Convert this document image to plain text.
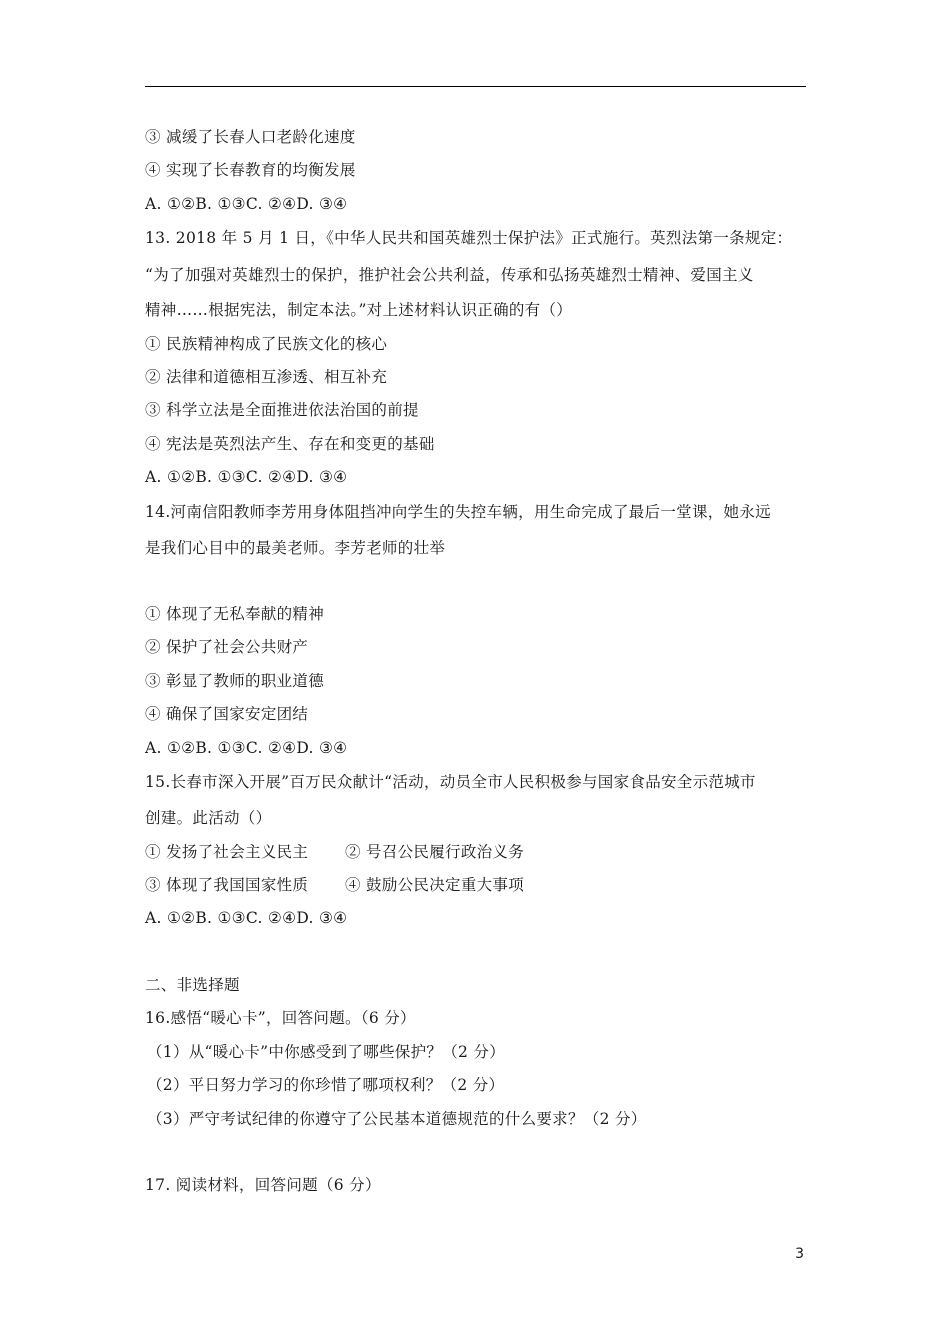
③ 减缓了长春人口老龄化速度
④ 实现了长春教育的均衡发展
A. ①②B. ①③C. ②④D. ③④
13. 2018 年 5 月 1 日，《中华人民共和国英雄烈士保护法》正式施行。英烈法第一条规定：
“为了加强对英雄烈士的保护，推护社会公共利益，传承和弘扬英雄烈士精神、爱国主义
精神……根据宪法，制定本法。”对上述材料认识正确的有（）
① 民族精神构成了民族文化的核心
② 法律和道德相互渗透、相互补充
③ 科学立法是全面推进依法治国的前提
④ 宪法是英烈法产生、存在和变更的基础
A. ①②B. ①③C. ②④D. ③④
14.河南信阳教师李芳用身体阻挡冲向学生的失控车辆，用生命完成了最后一堂课，她永远
是我们心目中的最美老师。李芳老师的壮举
① 体现了无私奉献的精神
② 保护了社会公共财产
③ 彰显了教师的职业道德
④ 确保了国家安定团结
A. ①②B. ①③C. ②④D. ③④
15.长春市深入开展”百万民众献计“活动，动员全市人民积极参与国家食品安全示范城市
创建。此活动（）
① 发扬了社会主义民主 ② 号召公民履行政治义务
③ 体现了我国国家性质 ④ 鼓励公民决定重大事项
A. ①②B. ①③C. ②④D. ③④
二、非选择题
16.感悟“暖心卡”，回答问题。（6 分）
（1）从“暖心卡”中你感受到了哪些保护？（2 分）
（2）平日努力学习的你珍惜了哪项权利？（2 分）
（3）严守考试纪律的你遵守了公民基本道德规范的什么要求？（2 分）
17. 阅读材料，回答问题（6 分）
3
